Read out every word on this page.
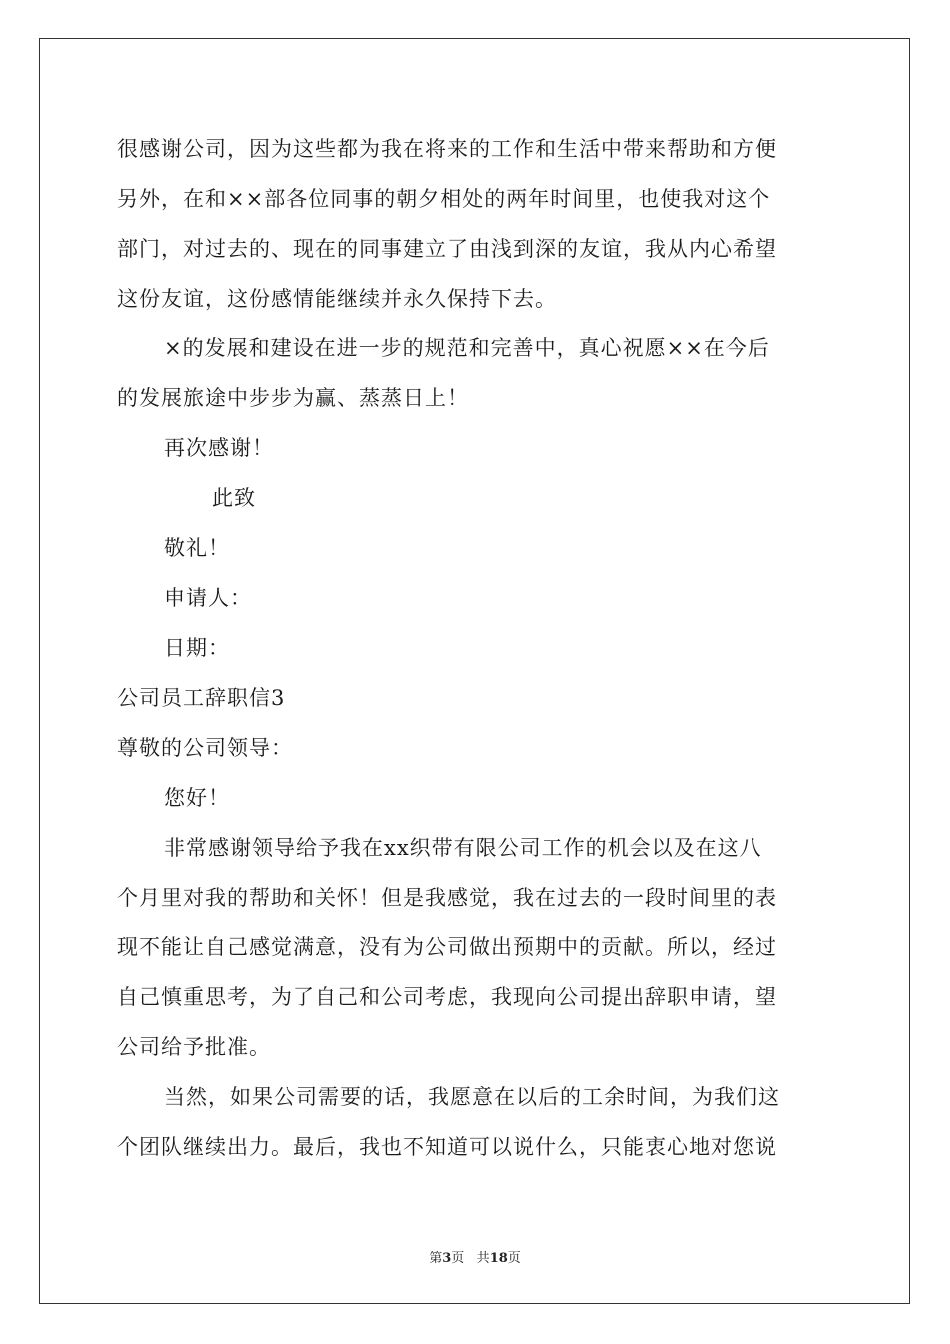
很感谢公司，因为这些都为我在将来的工作和生活中带来帮助和方便
另外，在和××部各位同事的朝夕相处的两年时间里，也使我对这个
部门，对过去的、现在的同事建立了由浅到深的友谊，我从内心希望
这份友谊，这份感情能继续并永久保持下去。
×的发展和建设在进一步的规范和完善中，真心祝愿××在今后
的发展旅途中步步为赢、蒸蒸日上！
再次感谢！
此致
敬礼！
申请人：
日期：
公司员工辞职信3
尊敬的公司领导：
您好！
非常感谢领导给予我在xx织带有限公司工作的机会以及在这八
个月里对我的帮助和关怀！但是我感觉，我在过去的一段时间里的表
现不能让自己感觉满意，没有为公司做出预期中的贡献。所以，经过
自己慎重思考，为了自己和公司考虑，我现向公司提出辞职申请，望
公司给予批准。
当然，如果公司需要的话，我愿意在以后的工余时间，为我们这
个团队继续出力。最后，我也不知道可以说什么，只能衷心地对您说
第3页 共18页
